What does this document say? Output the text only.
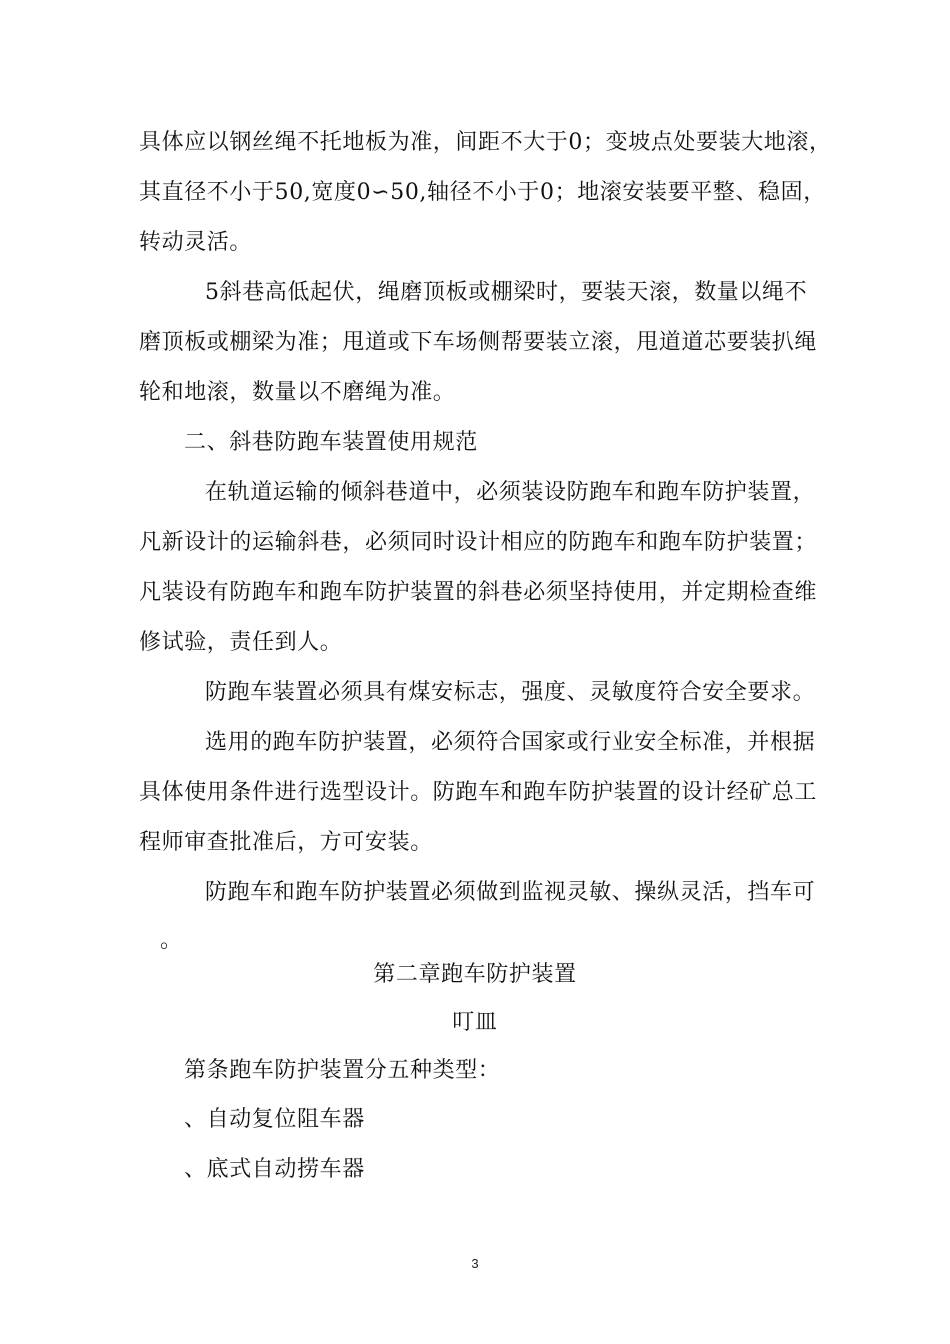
具体应以钢丝绳不托地板为准，间距不大于0；变坡点处要装大地滚，
其直径不小于50,宽度0∽50,轴径不小于0；地滚安装要平整、稳固，
转动灵活。
5斜巷高低起伏，绳磨顶板或棚梁时，要装天滚，数量以绳不
磨顶板或棚梁为准；甩道或下车场侧帮要装立滚，甩道道芯要装扒绳
轮和地滚，数量以不磨绳为准。
二、斜巷防跑车装置使用规范
在轨道运输的倾斜巷道中，必须装设防跑车和跑车防护装置，
凡新设计的运输斜巷，必须同时设计相应的防跑车和跑车防护装置；
凡装设有防跑车和跑车防护装置的斜巷必须坚持使用，并定期检查维
修试验，责任到人。
防跑车装置必须具有煤安标志，强度、灵敏度符合安全要求。
选用的跑车防护装置，必须符合国家或行业安全标准，并根据
具体使用条件进行选型设计。防跑车和跑车防护装置的设计经矿总工
程师审查批准后，方可安装。
防跑车和跑车防护装置必须做到监视灵敏、操纵灵活，挡车可
。
第二章跑车防护装置
叮皿
第条跑车防护装置分五种类型：
、自动复位阻车器
、底式自动捞车器
3
